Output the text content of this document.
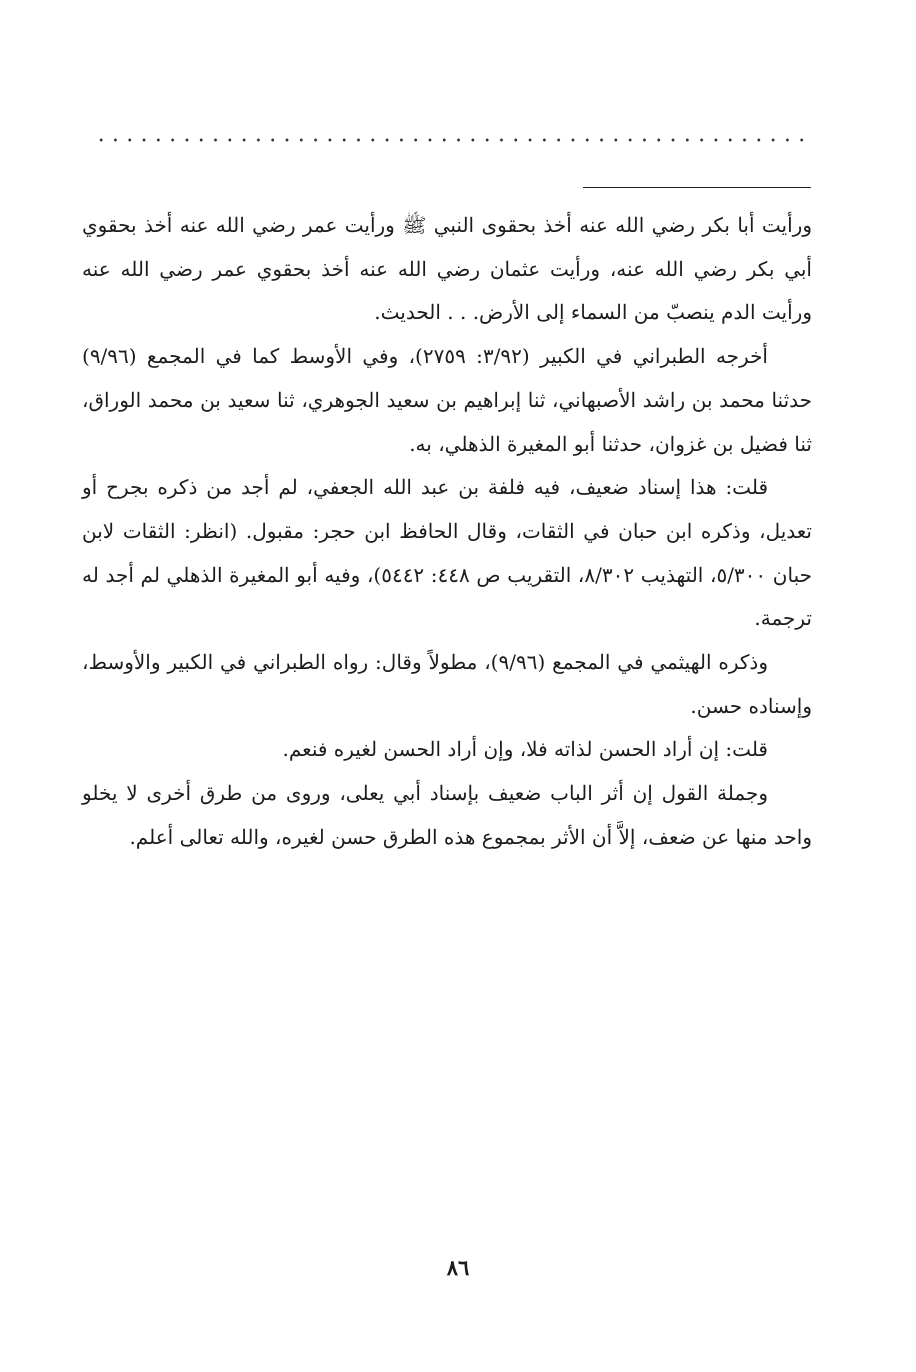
ورأيت أبا بكر رضي الله عنه أخذ بحقوى النبي ﷺ ورأيت عمر رضي الله عنه أخذ بحقوي أبي بكر رضي الله عنه، ورأيت عثمان رضي الله عنه أخذ بحقوي عمر رضي الله عنه ورأيت الدم ينصبّ من السماء إلى الأرض. . . الحديث.

أخرجه الطبراني في الكبير (٣/٩٢: ٢٧٥٩)، وفي الأوسط كما في المجمع (٩/٩٦) حدثنا محمد بن راشد الأصبهاني، ثنا إبراهيم بن سعيد الجوهري، ثنا سعيد بن محمد الوراق، ثنا فضيل بن غزوان، حدثنا أبو المغيرة الذهلي، به.

قلت: هذا إسناد ضعيف، فيه فلفة بن عبد الله الجعفي، لم أجد من ذكره بجرح أو تعديل، وذكره ابن حبان في الثقات، وقال الحافظ ابن حجر: مقبول. (انظر: الثقات لابن حبان ٥/٣٠٠، التهذيب ٨/٣٠٢، التقريب ص ٤٤٨: ٥٤٤٢)، وفيه أبو المغيرة الذهلي لم أجد له ترجمة.

وذكره الهيثمي في المجمع (٩/٩٦)، مطولاً وقال: رواه الطبراني في الكبير والأوسط، وإسناده حسن.

قلت: إن أراد الحسن لذاته فلا، وإن أراد الحسن لغيره فنعم.

وجملة القول إن أثر الباب ضعيف بإسناد أبي يعلى، وروى من طرق أخرى لا يخلو واحد منها عن ضعف، إلاَّ أن الأثر بمجموع هذه الطرق حسن لغيره، والله تعالى أعلم.

٨٦
